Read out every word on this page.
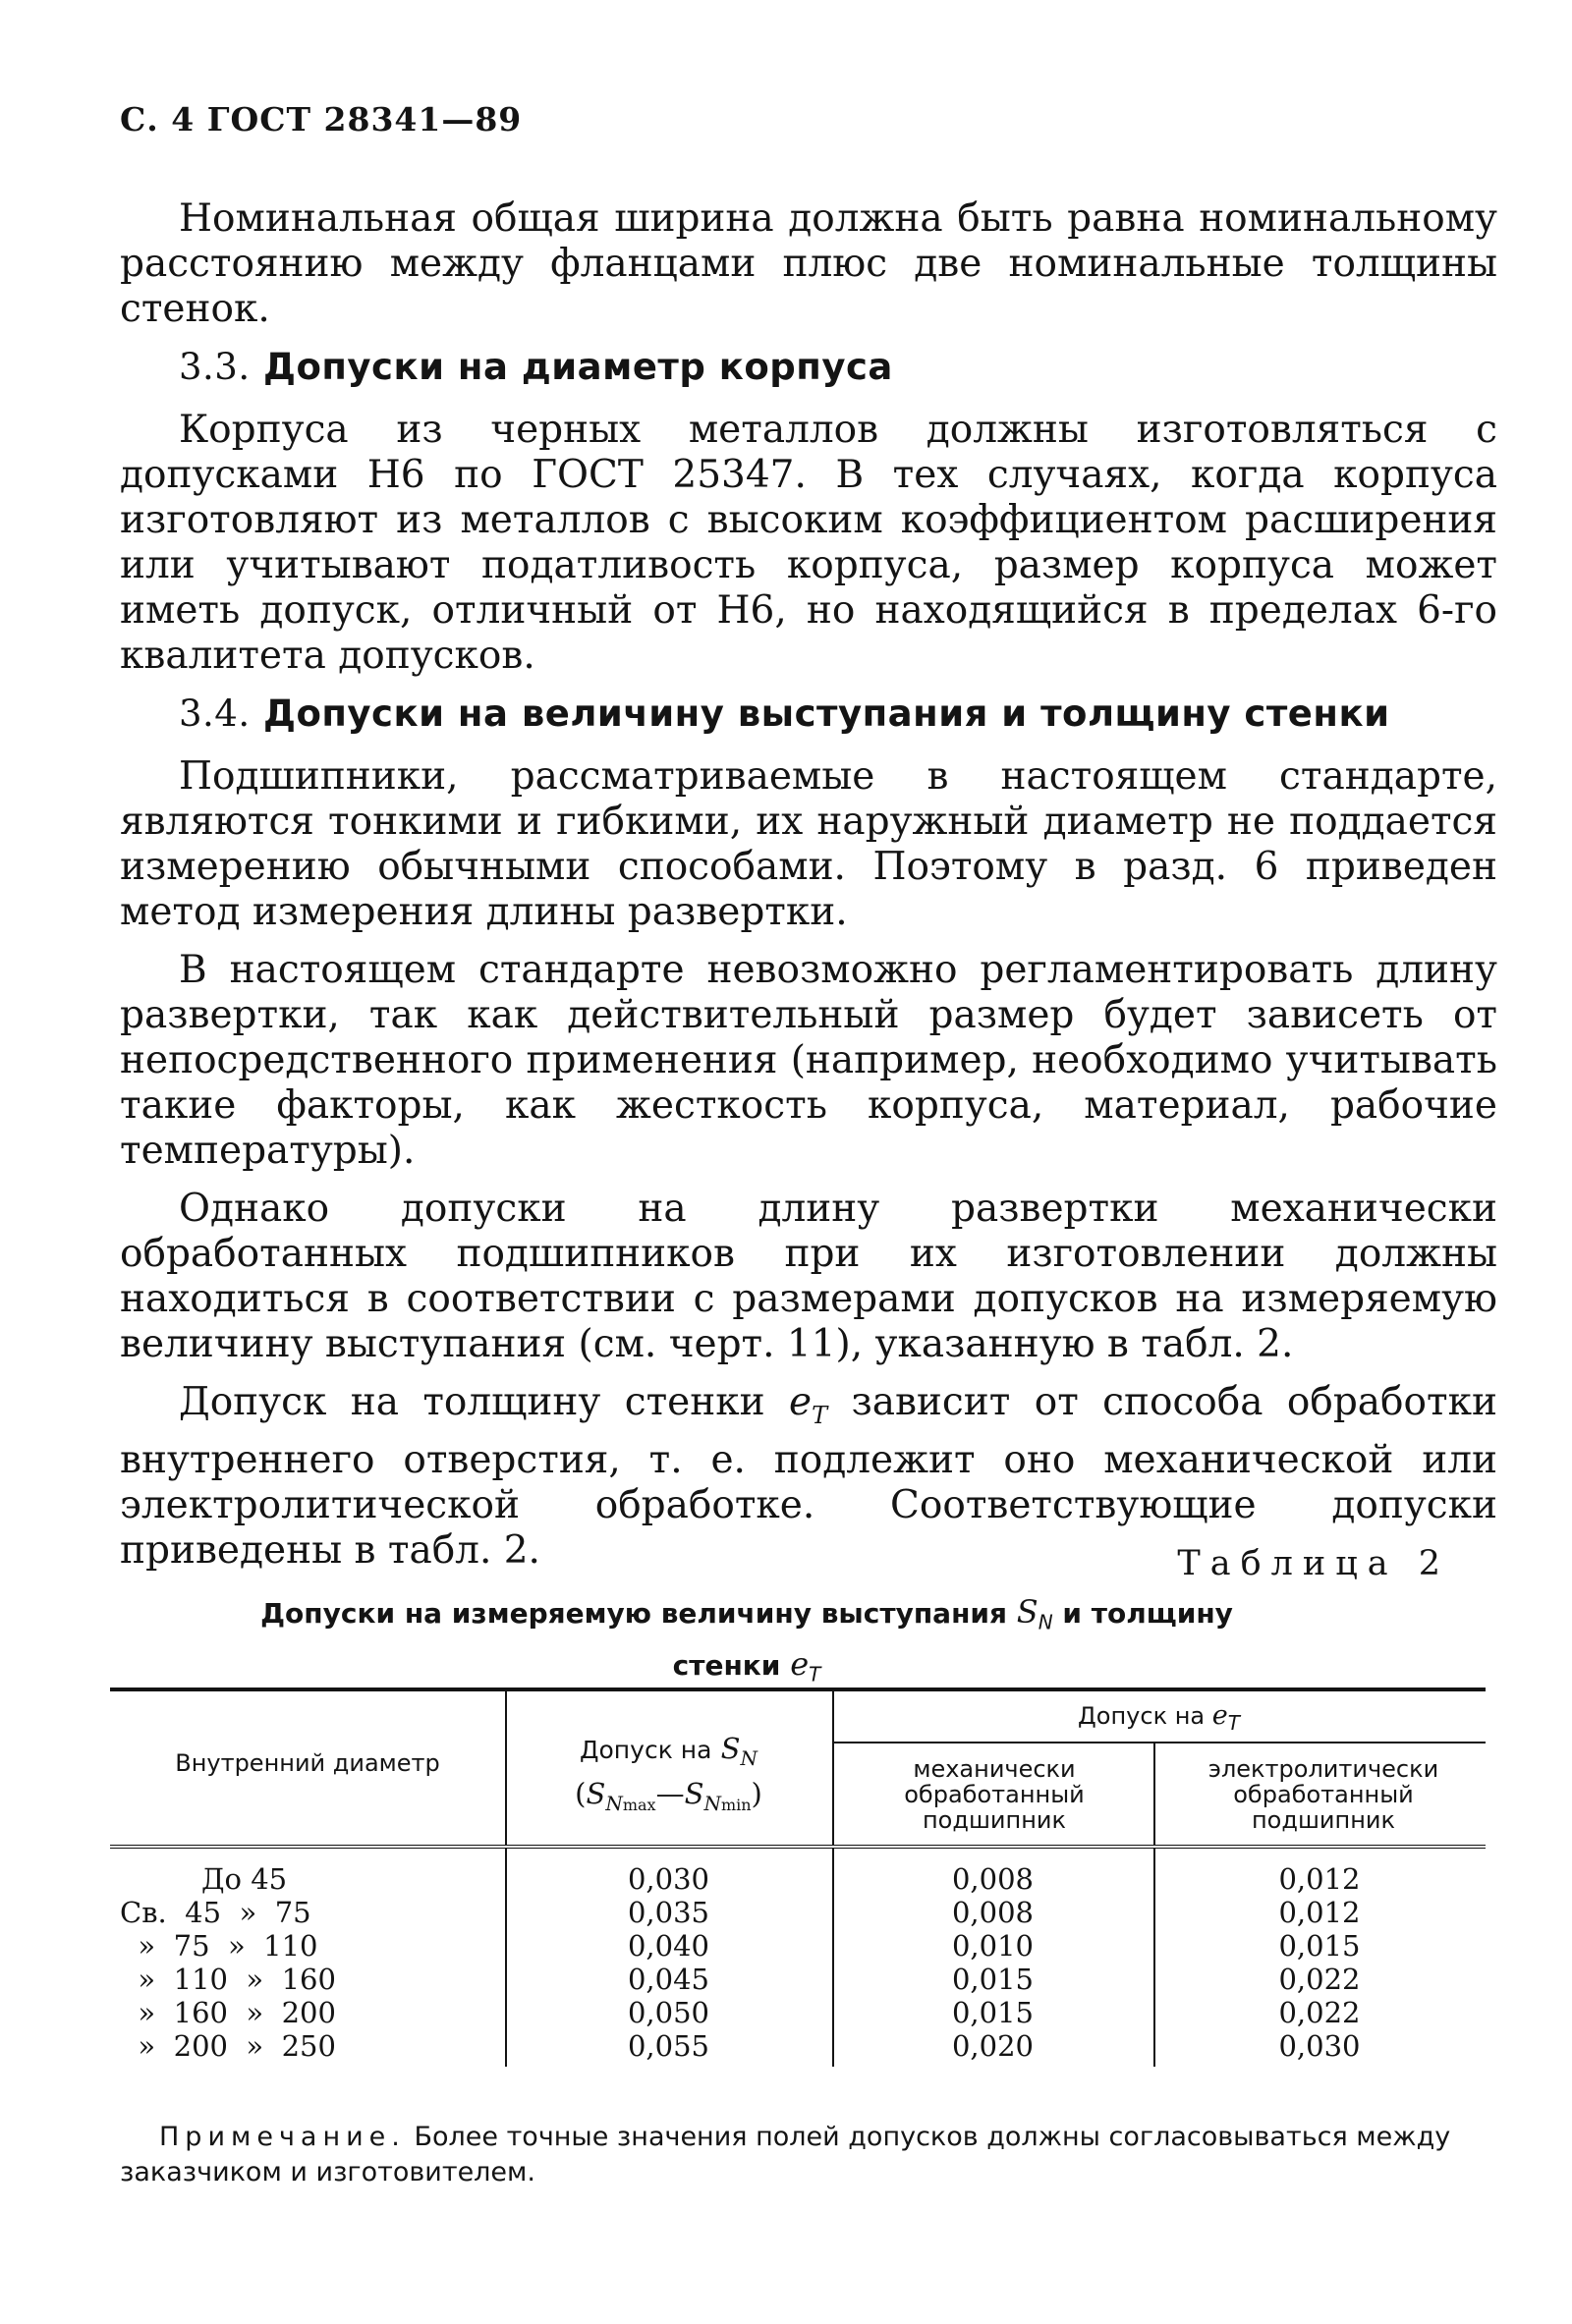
С. 4 ГОСТ 28341—89

Номинальная общая ширина должна быть равна номинальному расстоянию между фланцами плюс две номинальные толщины стенок.

3.3. Допуски на диаметр корпуса

Корпуса из черных металлов должны изготовляться с допусками Н6 по ГОСТ 25347. В тех случаях, когда корпуса изготовляют из металлов с высоким коэффициентом расширения или учитывают податливость корпуса, размер корпуса может иметь допуск, отличный от Н6, но находящийся в пределах 6-го квалитета допусков.

3.4. Допуски на величину выступания и толщину стенки

Подшипники, рассматриваемые в настоящем стандарте, являются тонкими и гибкими, их наружный диаметр не поддается измерению обычными способами. Поэтому в разд. 6 приведен метод измерения длины развертки.

В настоящем стандарте невозможно регламентировать длину развертки, так как действительный размер будет зависеть от непосредственного применения (например, необходимо учитывать такие факторы, как жесткость корпуса, материал, рабочие температуры).

Однако допуски на длину развертки механически обработанных подшипников при их изготовлении должны находиться в соответствии с размерами допусков на измеряемую величину выступания (см. черт. 11), указанную в табл. 2.

Допуск на толщину стенки $e_T$ зависит от способа обработки внутреннего отверстия, т. е. подлежит оно механической или электролитической обработке. Соответствующие допуски приведены в табл. 2.	Таблица 2
Допуски на измеряемую величину выступания $S_N$ и толщину
стенки $e_T$
Внутренний диаметр	Допуск на $S_N$
$(S_{Nmax}—S_{Nmin})$
Допуск на $e_T$
механически обработанный подшипник
электролитически обработанный подшипник
До 45
Св.  45  »  75
»  75  »  110
»  110  »  160
»  160  »  200
»  200  »  250
0,030
0,035
0,040
0,045
0,050
0,055
0,008
0,008
0,010
0,015
0,015
0,020
0,012
0,012
0,015
0,022
0,022
0,030
Примечание. Более точные значения полей допусков должны согласовываться между заказчиком и изготовителем.
